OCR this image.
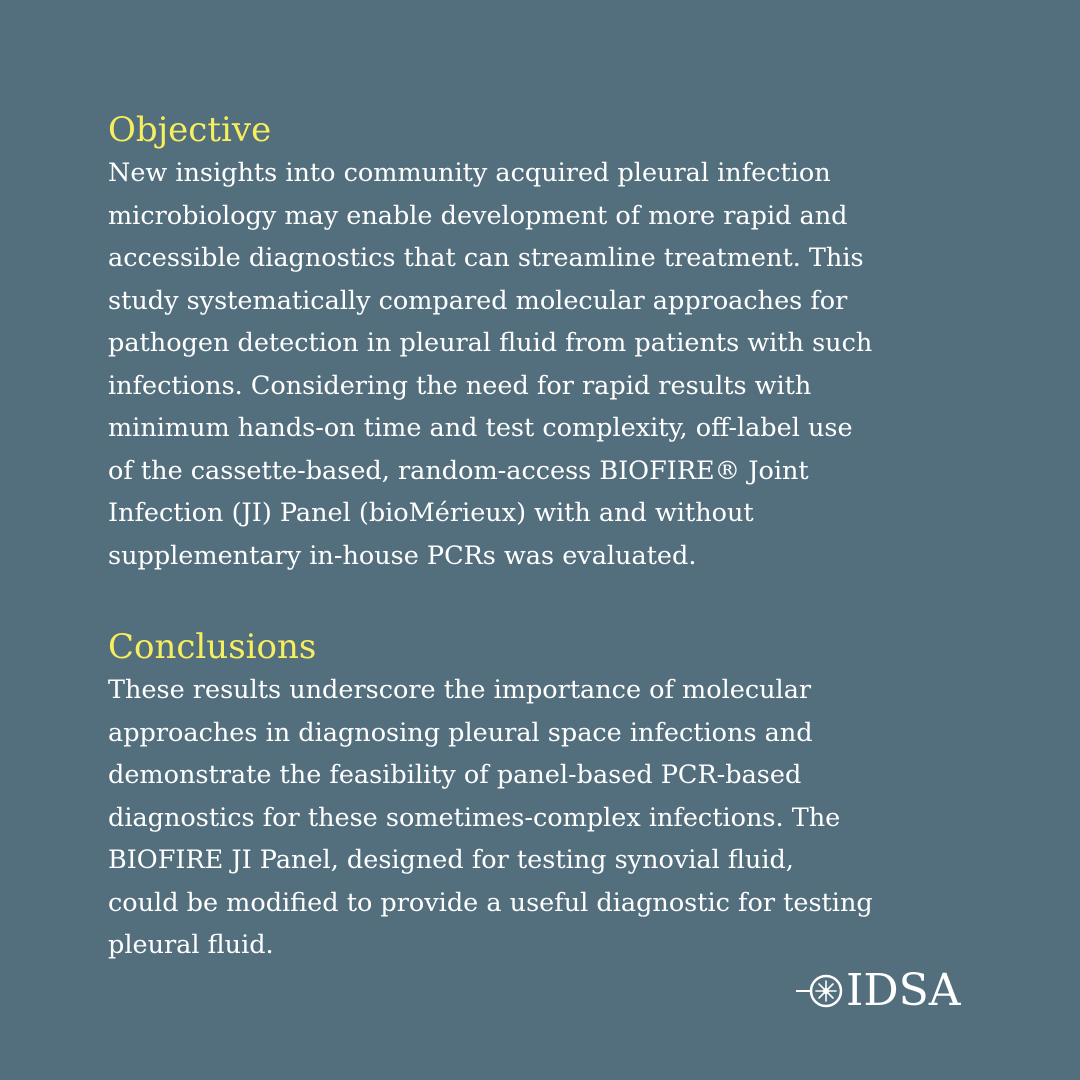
Objective

New insights into community acquired pleural infection
microbiology may enable development of more rapid and
accessible diagnostics that can streamline treatment. This
study systematically compared molecular approaches for
pathogen detection in pleural fluid from patients with such
infections. Considering the need for rapid results with
minimum hands-on time and test complexity, off-label use
of the cassette-based, random-access BIOFIRE® Joint
Infection (JI) Panel (bioMérieux) with and without
supplementary in-house PCRs was evaluated.

Conclusions

These results underscore the importance of molecular
approaches in diagnosing pleural space infections and
demonstrate the feasibility of panel-based PCR-based
diagnostics for these sometimes-complex infections. The
BIOFIRE JI Panel, designed for testing synovial fluid,
could be modified to provide a useful diagnostic for testing
pleural fluid.

IDSA
